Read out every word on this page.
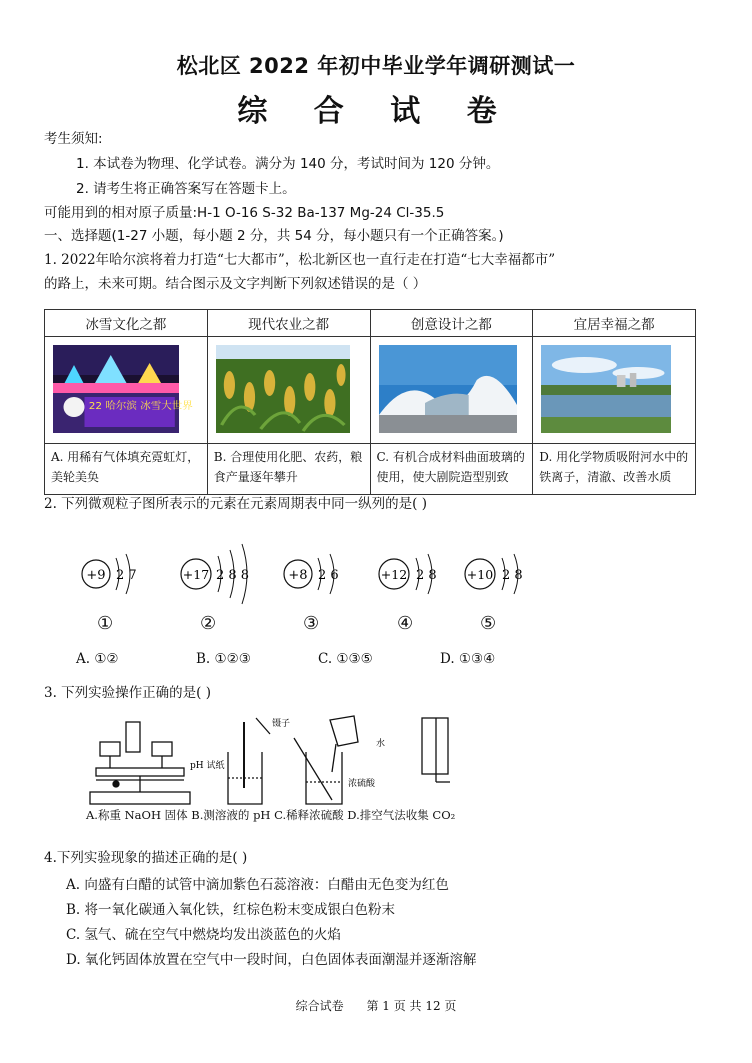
松北区 2022 年初中毕业学年调研测试一
综 合 试 卷
考生须知:
1. 本试卷为物理、化学试卷。满分为 140 分，考试时间为 120 分钟。
2. 请考生将正确答案写在答题卡上。
可能用到的相对原子质量:H-1 O-16 S-32 Ba-137 Mg-24 Cl-35.5
一、选择题(1-27 小题，每小题 2 分，共 54 分，每小题只有一个正确答案。)
1. 2022年哈尔滨将着力打造“七大都市”，松北新区也一直行走在打造“七大幸福都市”
的路上，未来可期。结合图示及文字判断下列叙述错误的是（ ）
冰雪文化之都	现代农业之都	创意设计之都	宜居幸福之都

22 哈尔滨 冰雪大世界

A. 用稀有气体填充霓虹灯，美轮美奂	B. 合理使用化肥、农药，粮食产量逐年攀升	C. 有机合成材料曲面玻璃的使用，使大剧院造型别致	D. 用化学物质吸附河水中的铁离子，清澈、改善水质
2. 下列微观粒子图所表示的元素在元素周期表中同一纵列的是( )
+9 2 7	+17 2 8 8	+8 2 6	+12 2 8 +10 2 8
①	②	③	④	⑤
A. ①②	B. ①②③	C. ①③⑤	D. ①③④
3. 下列实验操作正确的是( )
镊子
pH 试纸
水
浓硫酸
A.称重 NaOH 固体 B.测溶液的 pH C.稀释浓硫酸 D.排空气法收集 CO₂
4.下列实验现象的描述正确的是( )
A. 向盛有白醋的试管中滴加紫色石蕊溶液：白醋由无色变为红色
B. 将一氧化碳通入氧化铁，红棕色粉末变成银白色粉末
C. 氢气、硫在空气中燃烧均发出淡蓝色的火焰
D. 氧化钙固体放置在空气中一段时间，白色固体表面潮湿并逐渐溶解
综合试卷      第 1 页 共 12 页
